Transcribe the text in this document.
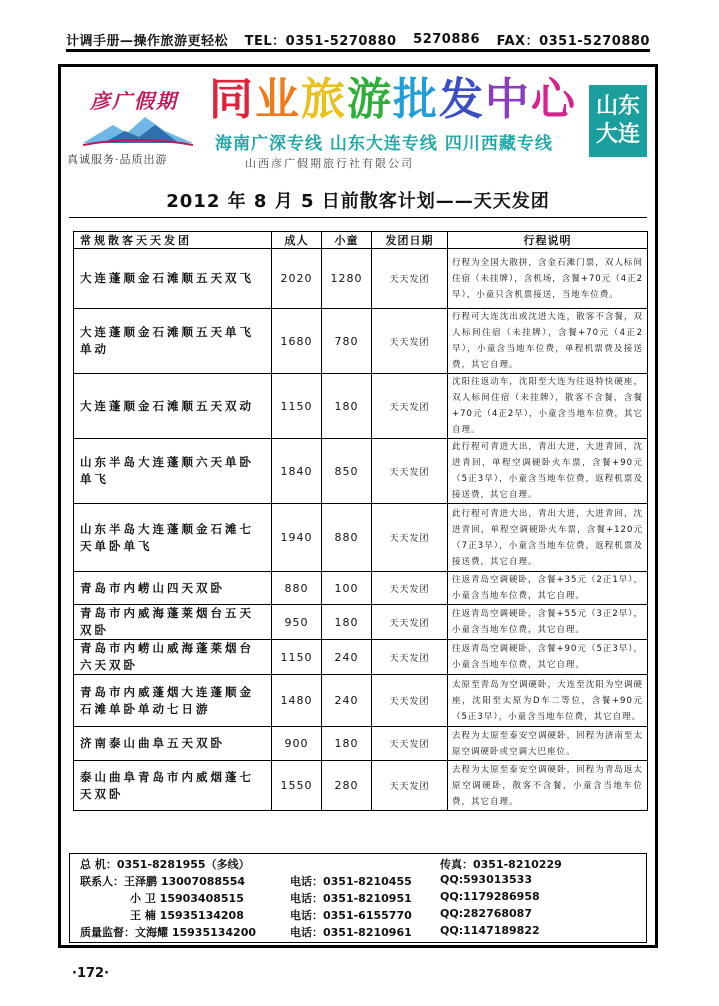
计调手册—操作旅游更轻松 TEL：0351-5270880 5270886 FAX：0351-5270880
彦广假期
真诚服务·品质出游
同业旅游批发中心
海南广深专线 山东大连专线 四川西藏专线
山西彦广假期旅行社有限公司
山东
大连
2012 年 8 月 5 日前散客计划——天天发团
常规散客天天发团	成人	小童	发团日期	行程说明
大连蓬顺金石滩顺五天双飞	2020	1280	天天发团	行程为全国大散拼，含金石滩门票，双人标间住宿（未挂牌），含机场，含餐+70元（4正2早），小童只含机票接送，当地车位费。
大连蓬顺金石滩顺五天单飞单动	1680	780	天天发团	行程可大连沈出或沈进大连，散客不含餐，双人标间住宿（未挂牌），含餐+70元（4正2早），小童含当地车位费，单程机票费及接送费，其它自理。
大连蓬顺金石滩顺五天双动	1150	180	天天发团	沈阳往返动车，沈阳至大连为往返特快硬座，双人标间住宿（未挂牌），散客不含餐，含餐+70元（4正2早），小童含当地车位费，其它自理。
山东半岛大连蓬顺六天单卧单飞	1840	850	天天发团	此行程可青进大出，青出大进，大进青回，沈进青回，单程空调硬卧火车票，含餐+90元（5正3早），小童含当地车位费，返程机票及接送费，其它自理。
山东半岛大连蓬顺金石滩七天单卧单飞	1940	880	天天发团	此行程可青进大出，青出大进，大进青回，沈进青回，单程空调硬卧火车票，含餐+120元（7正3早），小童含当地车位费，返程机票及接送费，其它自理。
青岛市内崂山四天双卧	880	100	天天发团	往返青岛空调硬卧，含餐+35元（2正1早），小童含当地车位费，其它自理。
青岛市内威海蓬莱烟台五天双卧	950	180	天天发团	往返青岛空调硬卧，含餐+55元（3正2早），小童含当地车位费，其它自理。
青岛市内崂山威海蓬莱烟台六天双卧	1150	240	天天发团	往返青岛空调硬卧，含餐+90元（5正3早），小童含当地车位费，其它自理。
青岛市内威蓬烟大连蓬顺金石滩单卧单动七日游	1480	240	天天发团	太原至青岛为空调硬卧，大连至沈阳为空调硬座，沈阳至太原为D车二等位，含餐+90元（5正3早），小童含当地车位费，其它自理。
济南泰山曲阜五天双卧	900	180	天天发团	去程为太原至泰安空调硬卧，回程为济南至太原空调硬卧或空调大巴座位。
泰山曲阜青岛市内威烟蓬七天双卧	1550	280	天天发团	去程为太原至泰安空调硬卧，回程为青岛返太原空调硬卧，散客不含餐，小童含当地车位费，其它自理。
总 机：0351-8281955（多线）	传真：0351-8210229
联系人：王泽鹏 13007088554	电话：0351-8210455	QQ:593013533
小 卫 15903408515	电话：0351-8210951	QQ:1179286958
王 楠 15935134208	电话：0351-6155770	QQ:282768087
质量监督：文海耀 15935134200	电话：0351-8210961	QQ:1147189822
·172·
